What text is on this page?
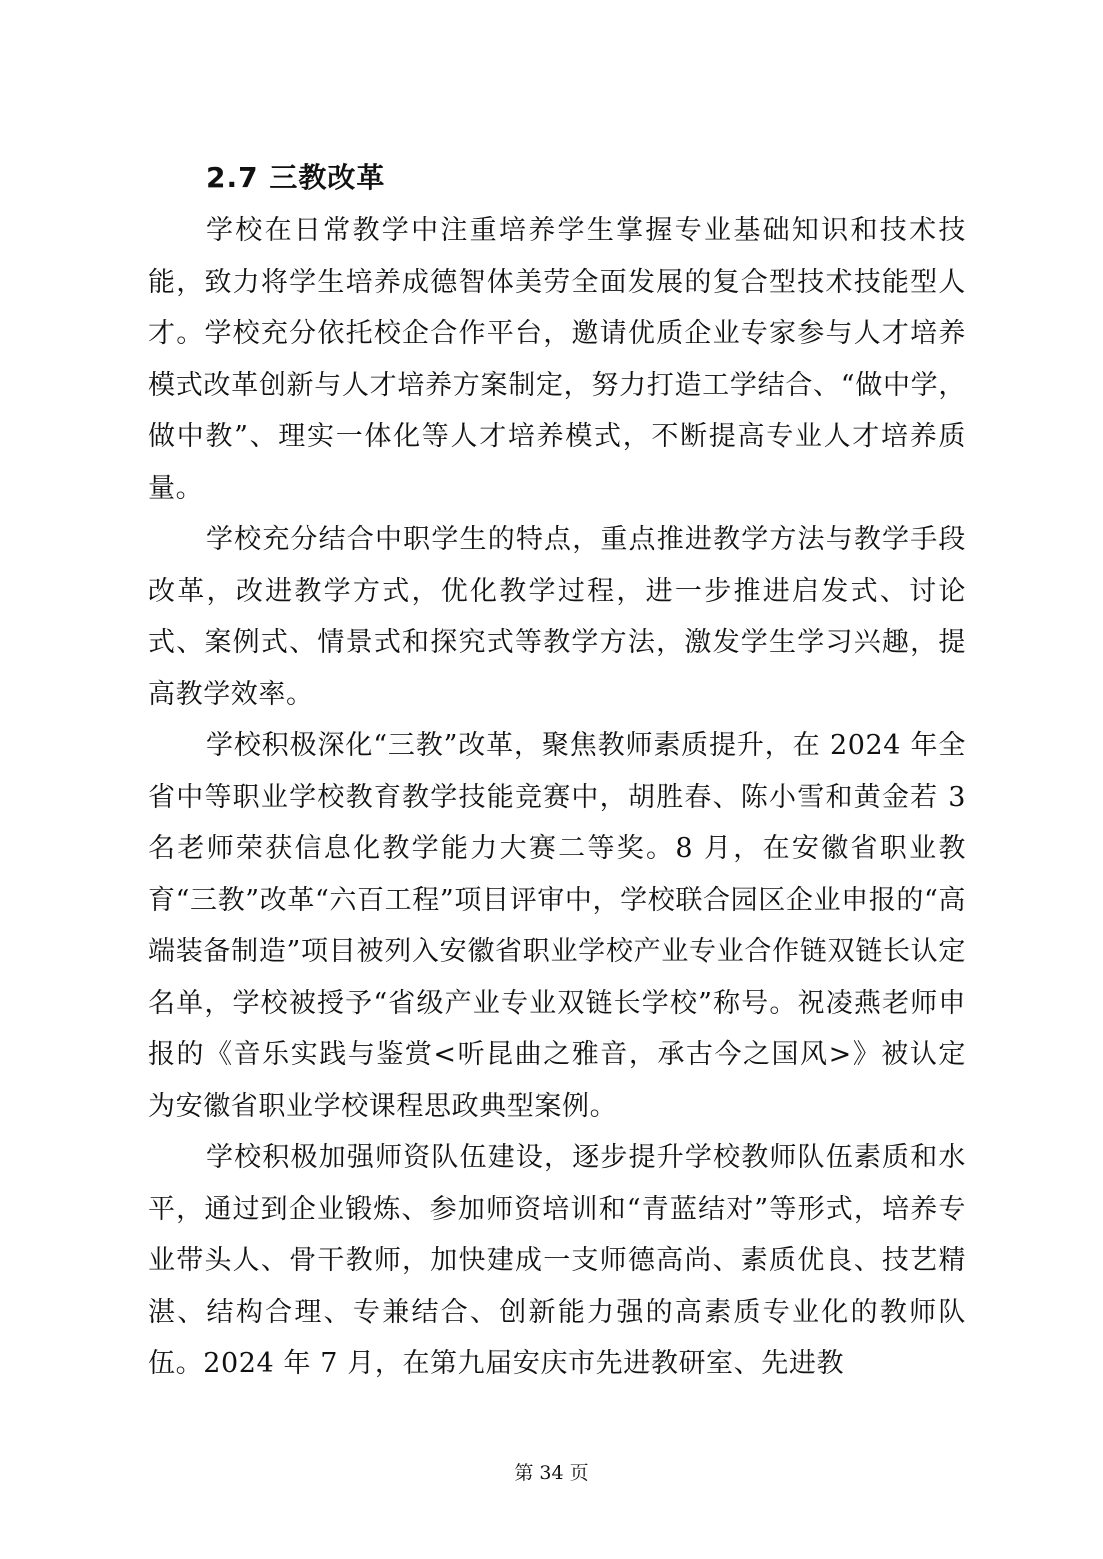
2.7 三教改革

学校在日常教学中注重培养学生掌握专业基础知识和技术技能，致力将学生培养成德智体美劳全面发展的复合型技术技能型人才。学校充分依托校企合作平台，邀请优质企业专家参与人才培养模式改革创新与人才培养方案制定，努力打造工学结合、“做中学，做中教”、理实一体化等人才培养模式，不断提高专业人才培养质量。

学校充分结合中职学生的特点，重点推进教学方法与教学手段改革，改进教学方式，优化教学过程，进一步推进启发式、讨论式、案例式、情景式和探究式等教学方法，激发学生学习兴趣，提高教学效率。

学校积极深化“三教”改革，聚焦教师素质提升，在 2024 年全省中等职业学校教育教学技能竞赛中，胡胜春、陈小雪和黄金若 3 名老师荣获信息化教学能力大赛二等奖。8 月，在安徽省职业教育“三教”改革“六百工程”项目评审中，学校联合园区企业申报的“高端装备制造”项目被列入安徽省职业学校产业专业合作链双链长认定名单，学校被授予“省级产业专业双链长学校”称号。祝凌燕老师申报的《音乐实践与鉴赏<听昆曲之雅音，承古今之国风>》被认定为安徽省职业学校课程思政典型案例。

学校积极加强师资队伍建设，逐步提升学校教师队伍素质和水平，通过到企业锻炼、参加师资培训和“青蓝结对”等形式，培养专业带头人、骨干教师，加快建成一支师德高尚、素质优良、技艺精湛、结构合理、专兼结合、创新能力强的高素质专业化的教师队伍。2024 年 7 月，在第九届安庆市先进教研室、先进教

第 34 页
